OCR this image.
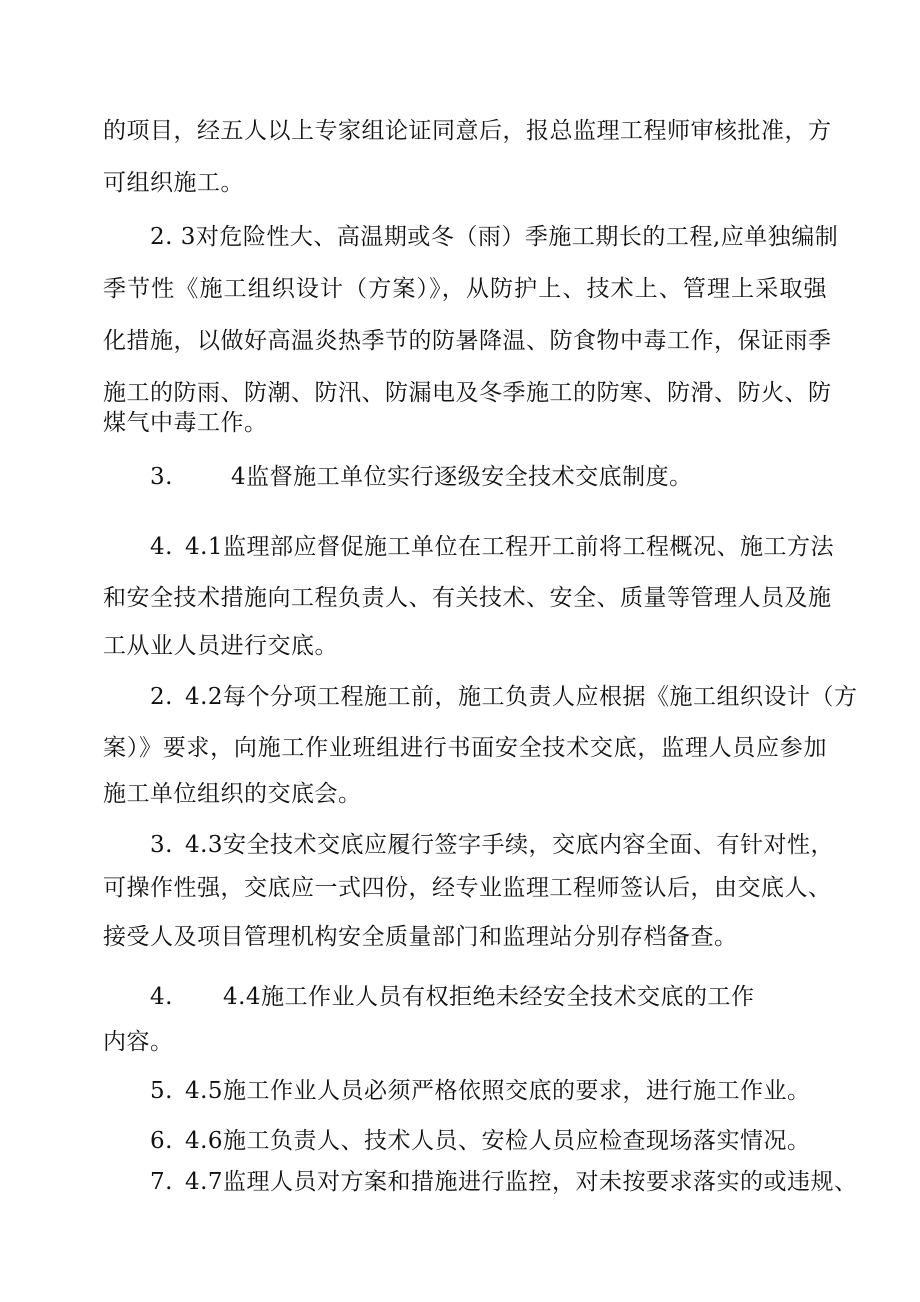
的项目，经五人以上专家组论证同意后，报总监理工程师审核批准，方
可组织施工。
2. 3对危险性大、高温期或冬（雨）季施工期长的工程,应单独编制
季节性《施工组织设计（方案）》，从防护上、技术上、管理上采取强
化措施，以做好高温炎热季节的防暑降温、防食物中毒工作，保证雨季
施工的防雨、防潮、防汛、防漏电及冬季施工的防寒、防滑、防火、防
煤气中毒工作。
3.	4监督施工单位实行逐级安全技术交底制度。
4. 4.1监理部应督促施工单位在工程开工前将工程概况、施工方法
和安全技术措施向工程负责人、有关技术、安全、质量等管理人员及施
工从业人员进行交底。
2. 4.2每个分项工程施工前，施工负责人应根据《施工组织设计（方
案）》要求，向施工作业班组进行书面安全技术交底，监理人员应参加
施工单位组织的交底会。
3. 4.3安全技术交底应履行签字手续，交底内容全面、有针对性，
可操作性强，交底应一式四份，经专业监理工程师签认后，由交底人、
接受人及项目管理机构安全质量部门和监理站分别存档备查。
4. 4.4施工作业人员有权拒绝未经安全技术交底的工作
内容。
5. 4.5施工作业人员必须严格依照交底的要求，进行施工作业。
6. 4.6施工负责人、技术人员、安检人员应检查现场落实情况。
7. 4.7监理人员对方案和措施进行监控，对未按要求落实的或违规、
